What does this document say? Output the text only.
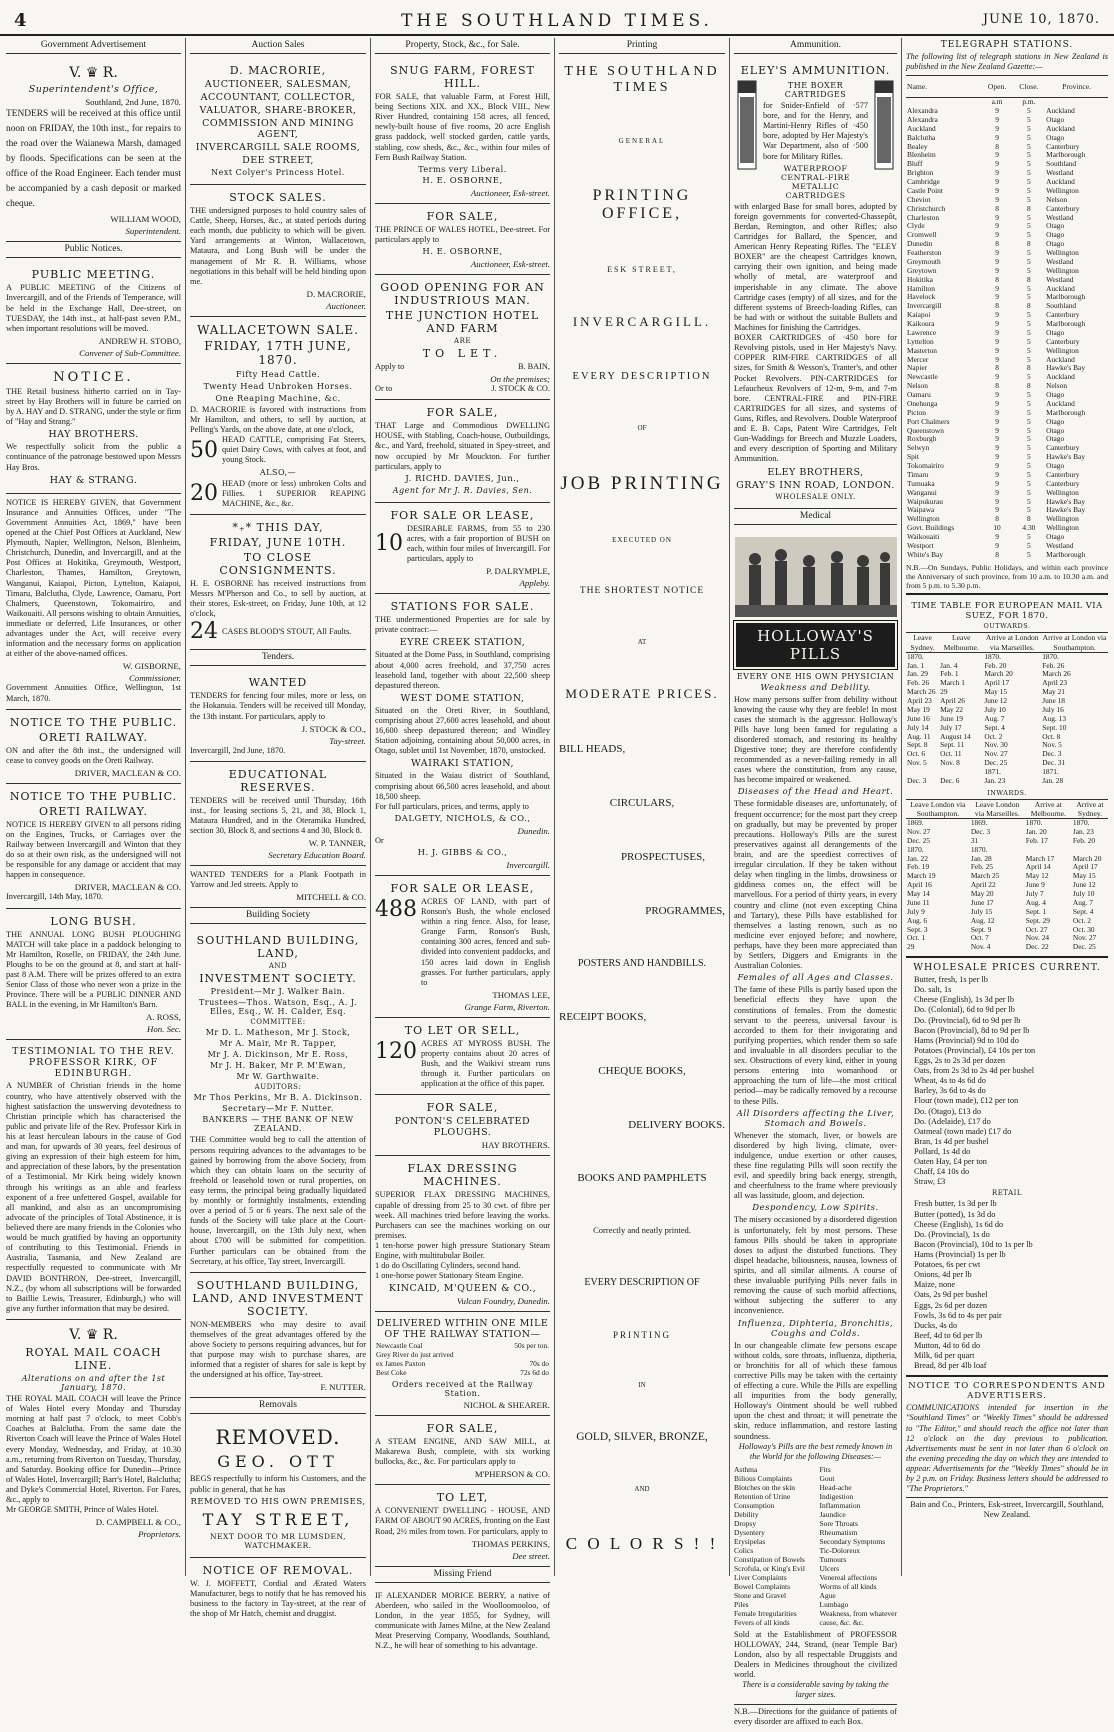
4	THE SOUTHLAND TIMES.	JUNE 10, 1870.
Government Advertisement
V. ♛ R.
Superintendent's Office,
Southland, 2nd June, 1870.
TENDERS will be received at this office until noon on FRIDAY, the 10th inst., for repairs to the road over the Waianewa Marsh, damaged by floods. Specifications can be seen at the office of the Road Engineer. Each tender must be accompanied by a cash deposit or marked cheque.
WILLIAM WOOD,
Superintendent.
Public Notices.
PUBLIC MEETING.
A PUBLIC MEETING of the Citizens of Invercargill, and of the Friends of Temperance, will be held in the Exchange Hall, Dee-street, on TUESDAY, the 14th inst., at half-past seven P.M., when important resolutions will be moved.
ANDREW H. STOBO,
Convener of Sub-Committee.
NOTICE.
THE Retail business hitherto carried on in Tay-street by Hay Brothers will in future be carried on by A. HAY and D. STRANG, under the style or firm of "Hay and Strang."
HAY BROTHERS.
We respectfully solicit from the public a continuance of the patronage bestowed upon Messrs Hay Bros.
HAY & STRANG.
NOTICE IS HEREBY GIVEN, that Government Insurance and Annuities Offices, under "The Government Annuities Act, 1869," have been opened at the Chief Post Offices at Auckland, New Plymouth, Napier, Wellington, Nelson, Blenheim, Christchurch, Dunedin, and Invercargill, and at the Post Offices at Hokitika, Greymouth, Westport, Charleston, Thames, Hamilton, Greytown, Wanganui, Kaiapoi, Picton, Lyttelton, Kaiapoi, Timaru, Balclutha, Clyde, Lawrence, Oamaru, Port Chalmers, Queenstown, Tokomairiro, and Waikouaiti. All persons wishing to obtain Annuities, immediate or deferred, Life Insurances, or other advantages under the Act, will receive every information and the necessary forms on application at either of the above-named offices.
W. GISBORNE,
Commissioner.
Government Annuities Office, Wellington, 1st March, 1870.
NOTICE TO THE PUBLIC.
ORETI RAILWAY.
ON and after the 8th inst., the undersigned will cease to convey goods on the Oreti Railway.
DRIVER, MACLEAN & CO.
NOTICE TO THE PUBLIC.
ORETI RAILWAY.
NOTICE IS HEREBY GIVEN to all persons riding on the Engines, Trucks, or Carriages over the Railway between Invercargill and Winton that they do so at their own risk, as the undersigned will not be responsible for any damage or accident that may happen in consequence.
DRIVER, MACLEAN & CO.
Invercargill, 14th May, 1870.
LONG BUSH.
THE ANNUAL LONG BUSH PLOUGHING MATCH will take place in a paddock belonging to Mr Hamilton, Roselle, on FRIDAY, the 24th June. Ploughs to be on the ground at 8, and start at half-past 8 A.M. There will be prizes offered to an extra Senior Class of those who never won a prize in the Province. There will be a PUBLIC DINNER AND BALL in the evening, in Mr Hamilton's Barn.
A. ROSS,
Hon. Sec.
TESTIMONIAL TO THE REV. PROFESSOR KIRK, OF EDINBURGH.
A NUMBER of Christian friends in the home country, who have attentively observed with the highest satisfaction the unswerving devotedness to Christian principle which has characterised the public and private life of the Rev. Professor Kirk in his at least herculean labours in the cause of God and man, for upwards of 30 years, feel desirous of giving an expression of their high esteem for him, and appreciation of these labors, by the presentation of a Testimonial. Mr Kirk being widely known through his writings as an able and fearless exponent of a free unfettered Gospel, available for all mankind, and also as an uncompromising advocate of the principles of Total Abstinence, it is believed there are many friends in the Colonies who would be much gratified by having an opportunity of contributing to this Testimonial. Friends in Australia, Tasmania, and New Zealand are respectfully requested to communicate with Mr DAVID BONTHRON, Dee-street, Invercargill, N.Z., (by whom all subscriptions will be forwarded to Baillie Lewis, Treasurer, Edinburgh,) who will give any further information that may be desired.
V. ♛ R.
ROYAL MAIL COACH LINE.
Alterations on and after the 1st January, 1870.
THE ROYAL MAIL COACH will leave the Prince of Wales Hotel every Monday and Thursday morning at half past 7 o'clock, to meet Cobb's Coaches at Balclutha. From the same date the Riverton Coach will leave the Prince of Wales Hotel every Monday, Wednesday, and Friday, at 10.30 a.m., returning from Riverton on Tuesday, Thursday, and Saturday. Booking office for Dunedin—Prince of Wales Hotel, Invercargill; Barr's Hotel, Balclutha; and Dyke's Commercial Hotel, Riverton. For Fares, &c., apply to
Mr GEORGE SMITH, Prince of Wales Hotel.
D. CAMPBELL & CO.,
Proprietors.
Auction Sales
D. MACRORIE,
AUCTIONEER, SALESMAN,
ACCOUNTANT, COLLECTOR,
VALUATOR, SHARE-BROKER,
COMMISSION AND MINING AGENT,
INVERCARGILL SALE ROOMS,
DEE STREET,
Next Colyer's Princess Hotel.
STOCK SALES.
THE undersigned purposes to hold country sales of Cattle, Sheep, Horses, &c., at stated periods during each month, due publicity to which will be given. Yard arrangements at Winton, Wallacetown, Mataura, and Long Bush will be under the management of Mr R. B. Williams, whose negotiations in this behalf will be held binding upon me.
D. MACRORIE,
Auctioneer.
WALLACETOWN SALE.
FRIDAY, 17TH JUNE, 1870.
Fifty Head Cattle.
Twenty Head Unbroken Horses.
One Reaping Machine, &c.
D. MACRORIE is favored with instructions from Mr Hamilton, and others, to sell by auction, at Pelling's Yards, on the above date, at one o'clock,
50 HEAD CATTLE, comprising Fat Steers, quiet Dairy Cows, with calves at foot, and young Stock.
ALSO,—
20 HEAD (more or less) unbroken Colts and Fillies. 1 SUPERIOR REAPING MACHINE, &c., &c.
*₊* THIS DAY,
FRIDAY, JUNE 10TH.
TO CLOSE CONSIGNMENTS.
H. E. OSBORNE has received instructions from Messrs M'Pherson and Co., to sell by auction, at their stores, Esk-street, on Friday, June 10th, at 12 o'clock,
24 CASES BLOOD'S STOUT, All Faults.
Tenders.
WANTED
TENDERS for fencing four miles, more or less, on the Hokanuia. Tenders will be received till Monday, the 13th instant. For particulars, apply to
J. STOCK & CO.,
Tay-street.
Invercargill, 2nd June, 1870.
EDUCATIONAL RESERVES.
TENDERS will be received until Thursday, 16th inst., for leasing sections 5, 21, and 38, Block 1, Mataura Hundred, and in the Oteramika Hundred, section 30, Block 8, and sections 4 and 30, Block 8.
W. P. TANNER,
Secretary Education Board.
WANTED TENDERS for a Plank Footpath in Yarrow and Jed streets. Apply to
MITCHELL & CO.
Building Society
SOUTHLAND BUILDING, LAND,
AND
INVESTMENT SOCIETY.
President—Mr J. Walker Bain.
Trustees—Thos. Watson, Esq., A. J. Elles, Esq., W. H. Calder, Esq.
COMMITTEE:
Mr D. L. Matheson, Mr J. Stock,
Mr A. Mair, Mr R. Tapper,
Mr J. A. Dickinson, Mr E. Ross,
Mr J. H. Baker, Mr P. M'Ewan,
Mr W. Garthwaite.
AUDITORS:
Mr Thos Perkins, Mr B. A. Dickinson.
Secretary—Mr F. Nutter.
BANKERS — THE BANK OF NEW ZEALAND.
THE Committee would beg to call the attention of persons requiring advances to the advantages to be gained by borrowing from the above Society, from which they can obtain loans on the security of freehold or leasehold town or rural properties, on easy terms, the principal being gradually liquidated by monthly or fortnightly instalments, extending over a period of 5 or 6 years. The next sale of the funds of the Society will take place at the Court-house, Invercargill, on the 13th July next, when about £700 will be submitted for competition. Further particulars can be obtained from the Secretary, at his office, Tay street, Invercargill.
SOUTHLAND BUILDING, LAND, AND INVESTMENT SOCIETY.
NON-MEMBERS who may desire to avail themselves of the great advantages offered by the above Society to persons requiring advances, but for that purpose may wish to purchase shares, are informed that a register of shares for sale is kept by the undersigned at his office, Tay-street.
F. NUTTER.
Removals
REMOVED.
GEO. OTT
BEGS respectfully to inform his Customers, and the public in general, that he has
REMOVED TO HIS OWN PREMISES,
TAY STREET,
NEXT DOOR TO MR LUMSDEN, WATCHMAKER.
NOTICE OF REMOVAL.
W. J. MOFFETT, Cordial and Ærated Waters Manufacturer, begs to notify that he has removed his business to the factory in Tay-street, at the rear of the shop of Mr Hatch, chemist and druggist.
Property, Stock, &c., for Sale.
SNUG FARM, FOREST HILL.
FOR SALE, that valuable Farm, at Forest Hill, being Sections XIX. and XX., Block VIII., New River Hundred, containing 158 acres, all fenced, newly-built house of five rooms, 20 acre English grass paddock, well stocked garden, cattle yards, stabling, cow sheds, &c., &c., within four miles of Fern Bush Railway Station.
Terms very Liberal.
H. E. OSBORNE,
Auctioneer, Esk-street.
FOR SALE,
THE PRINCE OF WALES HOTEL, Dee-street. For particulars apply to
H. E. OSBORNE,
Auctioneer, Esk-street.
GOOD OPENING FOR AN INDUSTRIOUS MAN.
THE JUNCTION HOTEL AND FARM
ARE
TO LET.
Apply to	B. BAIN,
On the premises;
Or to	J. STOCK & CO.
FOR SALE,
THAT Large and Commodious DWELLING HOUSE, with Stabling, Coach-house, Outbuildings, &c., and Yard, freehold, situated in Spey-street, and now occupied by Mr Mouckton. For further particulars, apply to
J. RICHD. DAVIES, Jun.,
Agent for Mr J. R. Davies, Sen.
FOR SALE OR LEASE,
10
DESIRABLE FARMS, from 55 to 230 acres, with a fair proportion of BUSH on each, within four miles of Invercargill. For particulars, apply to
P. DALRYMPLE,
Appleby.
STATIONS FOR SALE.
THE undermentioned Properties are for sale by private contract:—
EYRE CREEK STATION,
Situated at the Dome Pass, in Southland, comprising about 4,000 acres freehold, and 37,750 acres leasehold land, together with about 22,500 sheep depastured thereon.
WEST DOME STATION,
Situated on the Oreti River, in Southland, comprising about 27,600 acres leasehold, and about 16,600 sheep depastured thereon; and Windley Station adjoining, containing about 50,000 acres, in Otago, sublet until 1st November, 1870, unstocked.
WAIRAKI STATION,
Situated in the Waiau district of Southland, comprising about 66,500 acres leasehold, and about 18,500 sheep.
For full particulars, prices, and terms, apply to
DALGETY, NICHOLS, & CO.,
Dunedin.
Or
H. J. GIBBS & CO.,
Invercargill.
FOR SALE OR LEASE,
488 ACRES OF LAND, with part of Ronson's Bush, the whole enclosed within a ring fence. Also, for lease, Grange Farm, Ronson's Bush, containing 300 acres, fenced and sub-divided into convenient paddocks, and 150 acres laid down in English grasses. For further particulars, apply to
THOMAS LEE,
Grange Farm, Riverton.
TO LET OR SELL,
120 ACRES AT MYROSS BUSH. The property contains about 20 acres of Bush, and the Waikivi stream runs through it. Further particulars on application at the office of this paper.
FOR SALE,
PONTON'S CELEBRATED PLOUGHS.
HAY BROTHERS.
FLAX DRESSING MACHINES.
SUPERIOR FLAX DRESSING MACHINES, capable of dressing from 25 to 30 cwt. of fibre per week. All machines tried before leaving the works. Purchasers can see the machines working on our premises.
1 ten-horse power high pressure Stationary Steam Engine, with multitubular Boiler.
1 do do Oscillating Cylinders, second hand.
1 one-horse power Stationary Steam Engine.
KINCAID, M'QUEEN & CO.,
Vulcan Foundry, Dunedin.
DELIVERED WITHIN ONE MILE OF THE RAILWAY STATION—
Newcastle Coal	50s per ton.
Grey River do just arrived	
ex James Paxton	70s do
Best Coke	72s 6d do
Orders received at the Railway Station.
NICHOL & SHEARER.
FOR SALE,
A STEAM ENGINE, AND SAW MILL, at Makarewa Bush, complete, with six working bullocks, &c., &c. For particulars apply to
M'PHERSON & CO.
TO LET,
A CONVENIENT DWELLING - HOUSE, AND FARM OF ABOUT 90 ACRES, fronting on the East Road, 2½ miles from town. For particulars, apply to
THOMAS PERKINS,
Dee street.
Missing Friend
IF ALEXANDER MORICE BERRY, a native of Aberdeen, who sailed in the Woolloomooloo, of London, in the year 1855, for Sydney, will communicate with James Milne, at the New Zealand Meat Preserving Company, Woodlands, Southland, N.Z., he will hear of something to his advantage.
Printing
THE SOUTHLAND TIMES
GENERAL
PRINTING OFFICE,
ESK STREET,
INVERCARGILL.
EVERY DESCRIPTION
OF
JOB PRINTING
EXECUTED ON
THE SHORTEST NOTICE
AT
MODERATE PRICES.
BILL HEADS,
CIRCULARS,
PROSPECTUSES,
PROGRAMMES,
POSTERS AND HANDBILLS.
RECEIPT BOOKS,
CHEQUE BOOKS,
DELIVERY BOOKS.
BOOKS AND PAMPHLETS
Correctly and neatly printed.
EVERY DESCRIPTION OF
PRINTING
IN
GOLD, SILVER, BRONZE,
AND
C O L O R S ! !
Ammunition.
ELEY'S AMMUNITION.
THE BOXER CARTRIDGES
for Snider-Enfield of ·577 bore, and for the Henry, and Martini-Henry Rifles of ·450 bore, adopted by Her Majesty's War Department, also of ·500 bore for Military Rifles.
WATERPROOF CENTRAL-FIRE METALLIC CARTRIDGES
with enlarged Base for small bores, adopted by foreign governments for converted-Chassepôt, Berdan, Remington, and other Rifles; also Cartridges for Ballard, the Spencer, and American Henry Repeating Rifles. The "ELEY BOXER" are the cheapest Cartridges known, carrying their own ignition, and being made wholly of metal, are waterproof and imperishable in any climate. The above Cartridge cases (empty) of all sizes, and for the different systems of Breech-loading Rifles, can be had with or without the suitable Bullets and Machines for finishing the Cartridges.
BOXER CARTRIDGES of ·450 bore for Revolving pistols, used in Her Majesty's Navy. COPPER RIM-FIRE CARTRIDGES of all sizes, for Smith & Wesson's, Tranter's, and other Pocket Revolvers. PIN-CARTRIDGES for Lefaucheux Revolvers of 12-m, 9-m, and 7-m bore. CENTRAL-FIRE and PIN-FIRE CARTRIDGES for all sizes, and systems of Guns, Rifles, and Revolvers. Double Waterproof and E. B. Caps, Patent Wire Cartridges, Felt Gun-Waddings for Breech and Muzzle Loaders, and every description of Sporting and Military Ammunition.
ELEY BROTHERS,
GRAY'S INN ROAD, LONDON.
WHOLESALE ONLY.
Medical
HOLLOWAY'S PILLS
EVERY ONE HIS OWN PHYSICIAN
Weakness and Debility.
How many persons suffer from debility without knowing the cause why they are feeble! In most cases the stomach is the aggressor. Holloway's Pills have long been famed for regulating a disordered stomach, and restoring its healthy Digestive tone; they are therefore confidently recommended as a never-failing remedy in all cases where the constitution, from any cause, has become impaired or weakened.
Diseases of the Head and Heart.
These formidable diseases are, unfortunately, of frequent occurrence; for the most part they creep on gradually, but may be prevented by proper precautions. Holloway's Pills are the surest preservatives against all derangements of the brain, and are the speediest correctives of irregular circulation. If they be taken without delay when tingling in the limbs, drowsiness or giddiness comes on, the effect will be marvellous. For a period of thirty years, in every country and clime (not even excepting China and Tartary), these Pills have established for themselves a lasting renown, such as no medicine ever enjoyed before; and nowhere, perhaps, have they been more appreciated than by Settlers, Diggers and Emigrants in the Australian Colonies.
Females of all Ages and Classes.
The fame of these Pills is partly based upon the beneficial effects they have upon the constitutions of females. From the domestic servant to the peeress, universal favour is accorded to them for their invigorating and purifying properties, which render them so safe and invaluable in all disorders peculiar to the sex. Obstructions of every kind, either in young persons entering into womanhood or approaching the turn of life—the most critical period—may be radically removed by a recourse to these Pills.
All Disorders affecting the Liver, Stomach and Bowels.
Whenever the stomach, liver, or bowels are disordered by high living, climate, over-indulgence, undue exertion or other causes, these fine regulating Pills will soon rectify the evil, and speedily bring back energy, strength, and cheerfulness to the frame where previously all was lassitude, gloom, and dejection.
Despondency, Low Spirits.
The misery occasioned by a disordered digestion is unfortunately, felt by most persons. These famous Pills should be taken in appropriate doses to adjust the disturbed functions. They dispel headache, biliousness, nausea, lowness of spirits, and all similar ailments. A course of these invaluable purifying Pills never fails in removing the cause of such morbid affections, without subjecting the sufferer to any inconvenience.
Influenza, Diphteria, Bronchitis, Coughs and Colds.
In our changeable climate few persons escape without colds, sore throats, influenza, diptheria, or bronchitis for all of which these famous corrective Pills may be taken with the certainty of effecting a cure. While the Pills are expelling all impurities from the body generally, Holloway's Ointment should be well rubbed upon the chest and throat; it will penetrate the skin, reduce inflammation, and restore lasting soundness.
Holloway's Pills are the best remedy known in the World for the following Diseases:—
Asthma
Bilious Complaints
Blotches on the skin
Retention of Urine
Consumption
Debility
Dropsy
Dysentery
Erysipelas
Colics
Constipation of Bowels
Scrofula, or King's Evil
Liver Complaints
Bowel Complaints
Stone and Gravel
Piles
Female Irregularities
Fevers of all kinds
Fits
Gout
Head-ache
Indigestion
Inflammation
Jaundice
Sore Throats
Rheumatism
Secondary Symptoms
Tic-Doloreux
Tumours
Ulcers
Venereal affections
Worms of all kinds
Ague
Lumbago
Weakness, from whatever cause, &c. &c.
Sold at the Establishment of PROFESSOR HOLLOWAY, 244, Strand, (near Temple Bar) London, also by all respectable Druggists and Dealers in Medicines throughout the civilized world.
There is a considerable saving by taking the larger sizes.
N.B.—Directions for the guidance of patients of every disorder are affixed to each Box.
TELEGRAPH STATIONS.
The following list of telegraph stations in New Zealand is published in the New Zealand Gazette:—
Name.	Open.	Close.	Province.
	a.m	p.m.	
Alexandra	9	5	Auckland
Alexandra	9	5	Otago
Auckland	9	5	Auckland
Balclutha	9	5	Otago
Bealey	8	5	Canterbury
Blenheim	9	5	Marlborough
Bluff	9	5	Southland
Brighton	9	5	Westland
Cambridge	9	5	Auckland
Castle Point	9	5	Wellington
Cheviot	9	5	Nelson
Christchurch	8	8	Canterbury
Charleston	9	5	Westland
Clyde	9	5	Otago
Cromwell	9	5	Otago
Dunedin	8	8	Otago
Featherston	9	5	Wellington
Greymouth	9	5	Westland
Greytown	9	5	Wellington
Hokitika	8	8	Westland
Hamilton	9	5	Auckland
Havelock	9	5	Marlborough
Invercargill	8	8	Southland
Kaiapoi	9	5	Canterbury
Kaikoura	9	5	Marlborough
Lawrence	9	5	Otago
Lyttelton	9	5	Canterbury
Masterton	9	5	Wellington
Mercer	9	5	Auckland
Napier	8	8	Hawke's Bay
Newcastle	9	5	Auckland
Nelson	8	8	Nelson
Oamaru	9	5	Otago
Onehunga	9	5	Auckland
Picton	9	5	Marlborough
Port Chalmers	9	5	Otago
Queenstown	9	5	Otago
Roxburgh	9	5	Otago
Selwyn	9	5	Canterbury
Spit	9	5	Hawke's Bay
Tokomairiro	9	5	Otago
Timaru	9	5	Canterbury
Tumuaka	9	5	Canterbury
Wanganui	9	5	Wellington
Waipukurau	9	5	Hawke's Bay
Waipawa	9	5	Hawke's Bay
Wellington	8	8	Wellington
Govt. Buildings	10	4.30	Wellington
Waikouaiti	9	5	Otago
Westport	9	5	Westland
White's Bay	8	5	Marlborough
N.B.—On Sundays, Public Holidays, and within each province the Anniversary of such province, from 10 a.m. to 10.30 a.m. and from 5 p.m. to 5.30 p.m.
TIME TABLE FOR EUROPEAN MAIL VIA SUEZ, FOR 1870.
OUTWARDS.
Leave Sydney.	Leave Melbourne.	Arrive at London via Marseilles.	Arrive at London via Southampton.
1870.		1870.	1870.
Jan. 1	Jan. 4	Feb. 20	Feb. 26
Jan. 29	Feb. 1	March 20	March 26
Feb. 26	March 1	April 17	April 23
March 26	29	May 15	May 21
April 23	April 26	June 12	June 18
May 19	May 22	July 10	July 16
June 16	June 19	Aug. 7	Aug. 13
July 14	July 17	Sept. 4	Sept. 10
Aug. 11	August 14	Oct. 2	Oct. 8
Sept. 8	Sept. 11	Nov. 30	Nov. 5
Oct. 6	Oct. 11	Nov. 27	Dec. 3
Nov. 5	Nov. 8	Dec. 25	Dec. 31
		1871.	1871.
Dec. 3	Dec. 6	Jan. 23	Jan. 28
INWARDS.
Leave London via Southampton.	Leave London via Marseilles.	Arrive at Melbourne.	Arrive at Sydney.
1869.	1869.	1870.	1870.
Nov. 27	Dec. 3	Jan. 20	Jan. 23
Dec. 25	31	Feb. 17	Feb. 20
1870.	1870.		
Jan. 22	Jan. 28	March 17	March 20
Feb. 19	Feb. 25	April 14	April 17
March 19	March 25	May 12	May 15
April 16	April 22	June 9	June 12
May 14	May 20	July 7	July 10
June 11	June 17	Aug. 4	Aug. 7
July 9	July 15	Sept. 1	Sept. 4
Aug. 6	Aug. 12	Sept. 29	Oct. 2
Sept. 3	Sept. 9	Oct. 27	Oct. 30
Oct. 1	Oct. 7	Nov. 24	Nov. 27
29	Nov. 4	Dec. 22	Dec. 25
WHOLESALE PRICES CURRENT.
Butter, fresh, 1s per lb
Do. salt, 1s
Cheese (English), 1s 3d per lb
Do. (Colonial), 6d to 9d per lb
Do. (Provincial), 6d to 9d per lb
Bacon (Provincial), 8d to 9d per lb
Hams (Provincial) 9d to 10d do
Potatoes (Provincial), £4 10s per ton
Eggs, 2s to 2s 3d per dozen
Oats, from 2s 3d to 2s 4d per bushel
Wheat, 4s to 4s 6d do
Barley, 3s 6d to 4s do
Flour (town made), £12 per ton
Do. (Otago), £13 do
Do. (Adelaide), £17 do
Oatmeal (town made) £17 do
Bran, 1s 4d per bushel
Pollard, 1s 4d do
Oaten Hay, £4 per ton
Chaff, £4 10s do
Straw, £3
RETAIL
Fresh butter, 1s 3d per lb
Butter (potted), 1s 3d do
Cheese (English), 1s 6d do
Do. (Provincial), 1s do
Bacon (Provincial), 10d to 1s per lb
Hams (Provincial) 1s per lb
Potatoes, 6s per cwt
Onions, 4d per lb
Maize, none
Oats, 2s 9d per bushel
Eggs, 2s 6d per dozen
Fowls, 3s 6d to 4s per pair
Ducks, 4s do
Beef, 4d to 6d per lb
Mutton, 4d to 6d do
Milk, 6d per quart
Bread, 8d per 4lb loaf
NOTICE TO CORRESPONDENTS AND ADVERTISERS.
COMMUNICATIONS intended for insertion in the "Southland Times" or "Weekly Times" should be addressed to "The Editor," and should reach the office not later than 12 o'clock on the day previous to publication. Advertisements must be sent in not later than 6 o'clock on the evening preceding the day on which they are intended to appear. Advertisements for the "Weekly Times" should be in by 2 p.m. on Friday. Business letters should be addressed to "The Proprietors."
Bain and Co., Printers, Esk-street, Invercargill, Southland, New Zealand.
